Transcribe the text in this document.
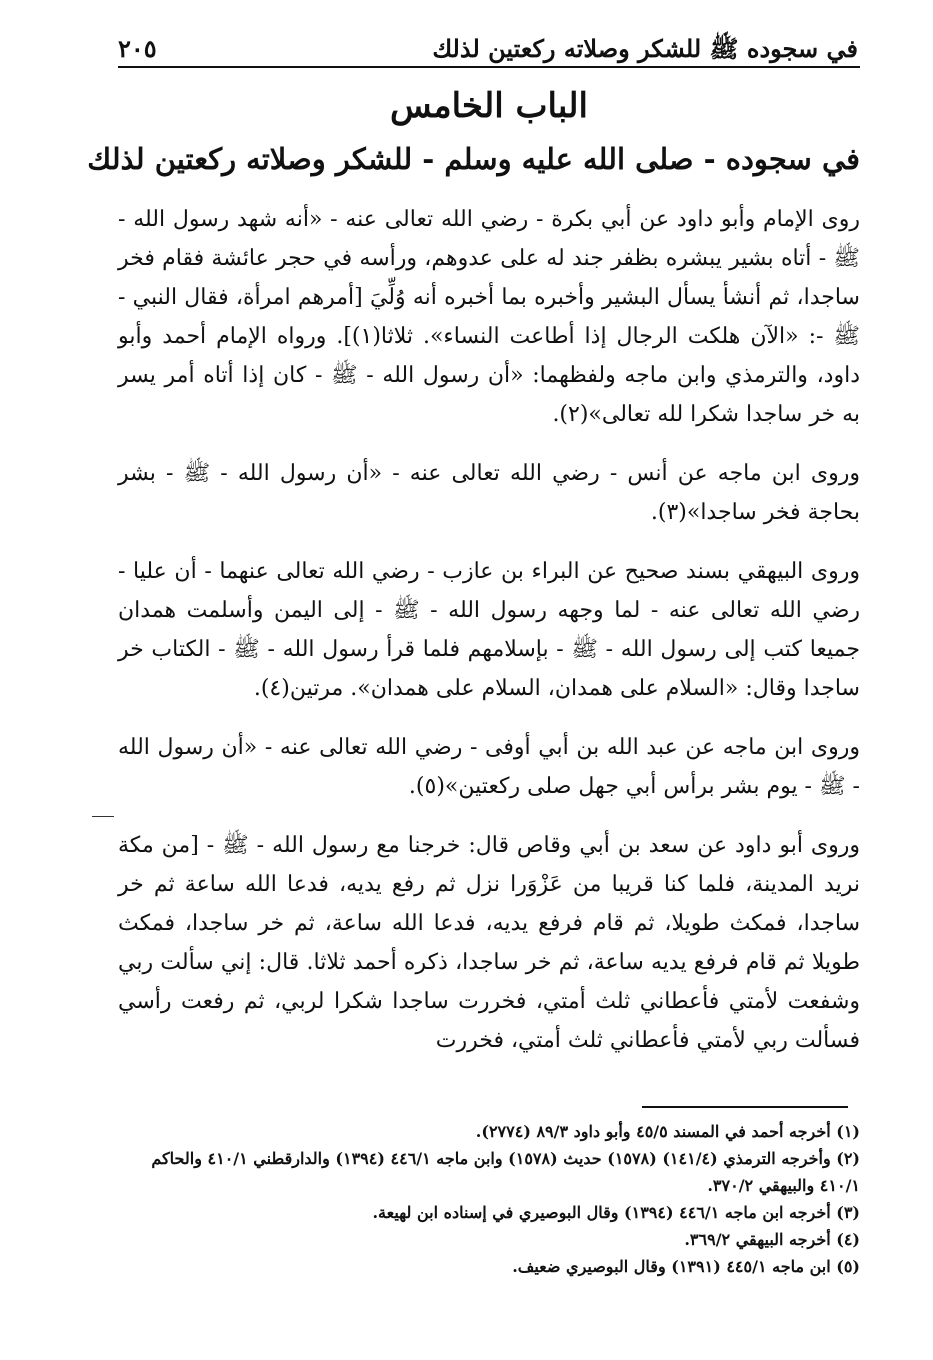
في سجوده ﷺ للشكر وصلاته ركعتين لذلك
٢٠٥
الباب الخامس
في سجوده - صلى الله عليه وسلم - للشكر وصلاته ركعتين لذلك

روى الإمام وأبو داود عن أبي بكرة - رضي الله تعالى عنه - «أنه شهد رسول الله - ﷺ - أتاه بشير يبشره بظفر جند له على عدوهم، ورأسه في حجر عائشة فقام فخر ساجدا، ثم أنشأ يسأل البشير وأخبره بما أخبره أنه وُلِّيَ [أمرهم امرأة، فقال النبي - ﷺ -: «الآن هلكت الرجال إذا أطاعت النساء». ثلاثا(١)]. ورواه الإمام أحمد وأبو داود، والترمذي وابن ماجه ولفظهما: «أن رسول الله - ﷺ - كان إذا أتاه أمر يسر به خر ساجدا شكرا لله تعالى»(٢).

وروى ابن ماجه عن أنس - رضي الله تعالى عنه - «أن رسول الله - ﷺ - بشر بحاجة فخر ساجدا»(٣).

وروى البيهقي بسند صحيح عن البراء بن عازب - رضي الله تعالى عنهما - أن عليا - رضي الله تعالى عنه - لما وجهه رسول الله - ﷺ - إلى اليمن وأسلمت همدان جميعا كتب إلى رسول الله - ﷺ - بإسلامهم فلما قرأ رسول الله - ﷺ - الكتاب خر ساجدا وقال: «السلام على همدان، السلام على همدان». مرتين(٤).

وروى ابن ماجه عن عبد الله بن أبي أوفى - رضي الله تعالى عنه - «أن رسول الله - ﷺ - يوم بشر برأس أبي جهل صلى ركعتين»(٥).

وروى أبو داود عن سعد بن أبي وقاص قال: خرجنا مع رسول الله - ﷺ - [من مكة نريد المدينة، فلما كنا قريبا من عَزْوَرا نزل ثم رفع يديه، فدعا الله ساعة ثم خر ساجدا، فمكث طويلا، ثم قام فرفع يديه، فدعا الله ساعة، ثم خر ساجدا، فمكث طويلا ثم قام فرفع يديه ساعة، ثم خر ساجدا، ذكره أحمد ثلاثا. قال: إني سألت ربي وشفعت لأمتي فأعطاني ثلث أمتي، فخررت ساجدا شكرا لربي، ثم رفعت رأسي فسألت ربي لأمتي فأعطاني ثلث أمتي، فخررت

(١) أخرجه أحمد في المسند ٤٥/٥ وأبو داود ٨٩/٣ (٢٧٧٤).

(٢) وأخرجه الترمذي (١٤١/٤) (١٥٧٨) حديث (١٥٧٨) وابن ماجه ٤٤٦/١ (١٣٩٤) والدارقطني ٤١٠/١ والحاكم ٤١٠/١ والبيهقي ٣٧٠/٢.

(٣) أخرجه ابن ماجه ٤٤٦/١ (١٣٩٤) وقال البوصيري في إسناده ابن لهيعة.

(٤) أخرجه البيهقي ٣٦٩/٢.

(٥) ابن ماجه ٤٤٥/١ (١٣٩١) وقال البوصيري ضعيف.
